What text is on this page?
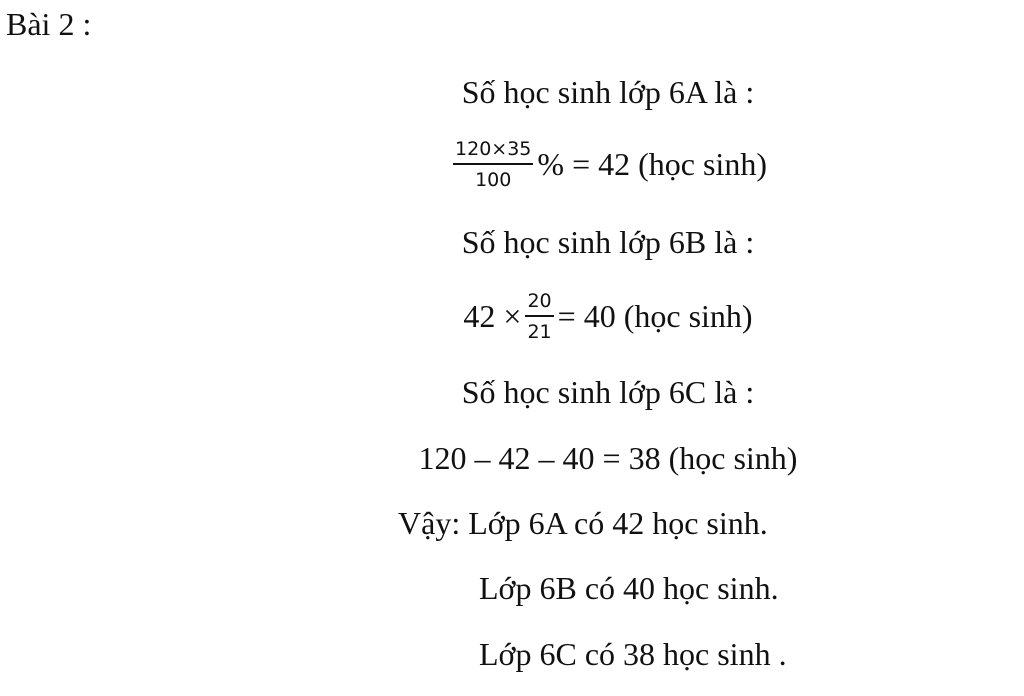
Bài 2 :
Số học sinh lớp 6A là :
$\frac{120\times 35}{100}$ % = 42 (học sinh)
Số học sinh lớp 6B là :
$42 \times \frac{20}{21} = 40$ (học sinh)
Số học sinh lớp 6C là :
120 – 42 – 40 = 38 (học sinh)
Vậy: Lớp 6A có 42 học sinh.
Lớp 6B có 40 học sinh.
Lớp 6C có 38 học sinh .
